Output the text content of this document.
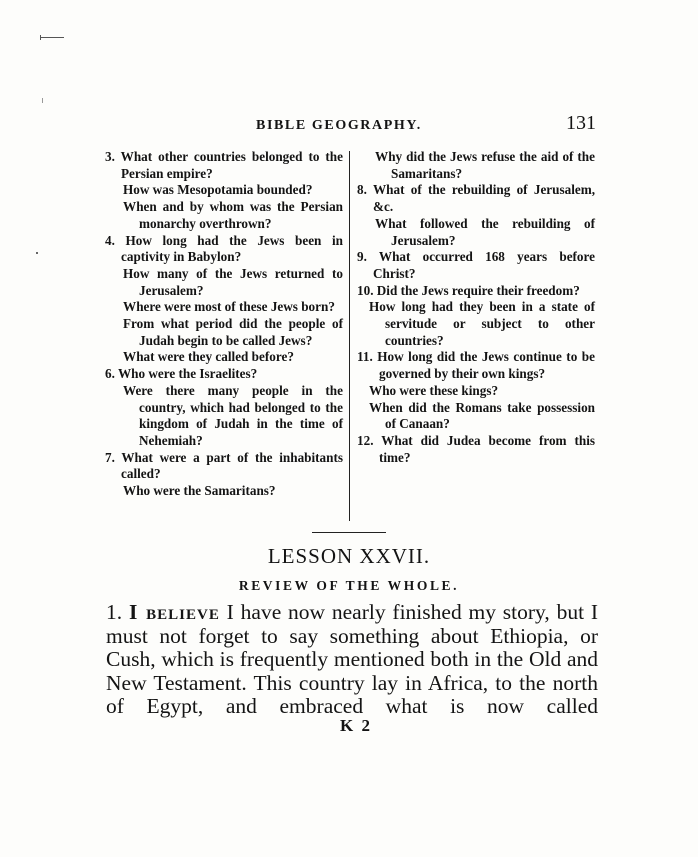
BIBLE GEOGRAPHY.	131

3. What other countries belonged to the Persian empire?

How was Mesopotamia bounded?

When and by whom was the Persian monarchy overthrown?

4. How long had the Jews been in captivity in Babylon?

How many of the Jews returned to Jerusalem?

Where were most of these Jews born?

From what period did the people of Judah begin to be called Jews?

What were they called before?

6. Who were the Israelites?

Were there many people in the country, which had belonged to the kingdom of Judah in the time of Nehemiah?

7. What were a part of the inhabitants called?

Who were the Samaritans?

Why did the Jews refuse the aid of the Samaritans?

8. What of the rebuilding of Jerusalem, &c.

What followed the rebuilding of Jerusalem?

9. What occurred 168 years before Christ?

10. Did the Jews require their freedom?

How long had they been in a state of servitude or subject to other countries?

11. How long did the Jews continue to be governed by their own kings?

Who were these kings?

When did the Romans take possession of Canaan?

12. What did Judea become from this time?

LESSON XXVII.
REVIEW OF THE WHOLE.

1. I believe I have now nearly finished my story, but I must not forget to say something about Ethiopia, or Cush, which is frequently mentioned both in the Old and New Testament. This country lay in Africa, to the north of Egypt, and embraced what is now called

K 2
